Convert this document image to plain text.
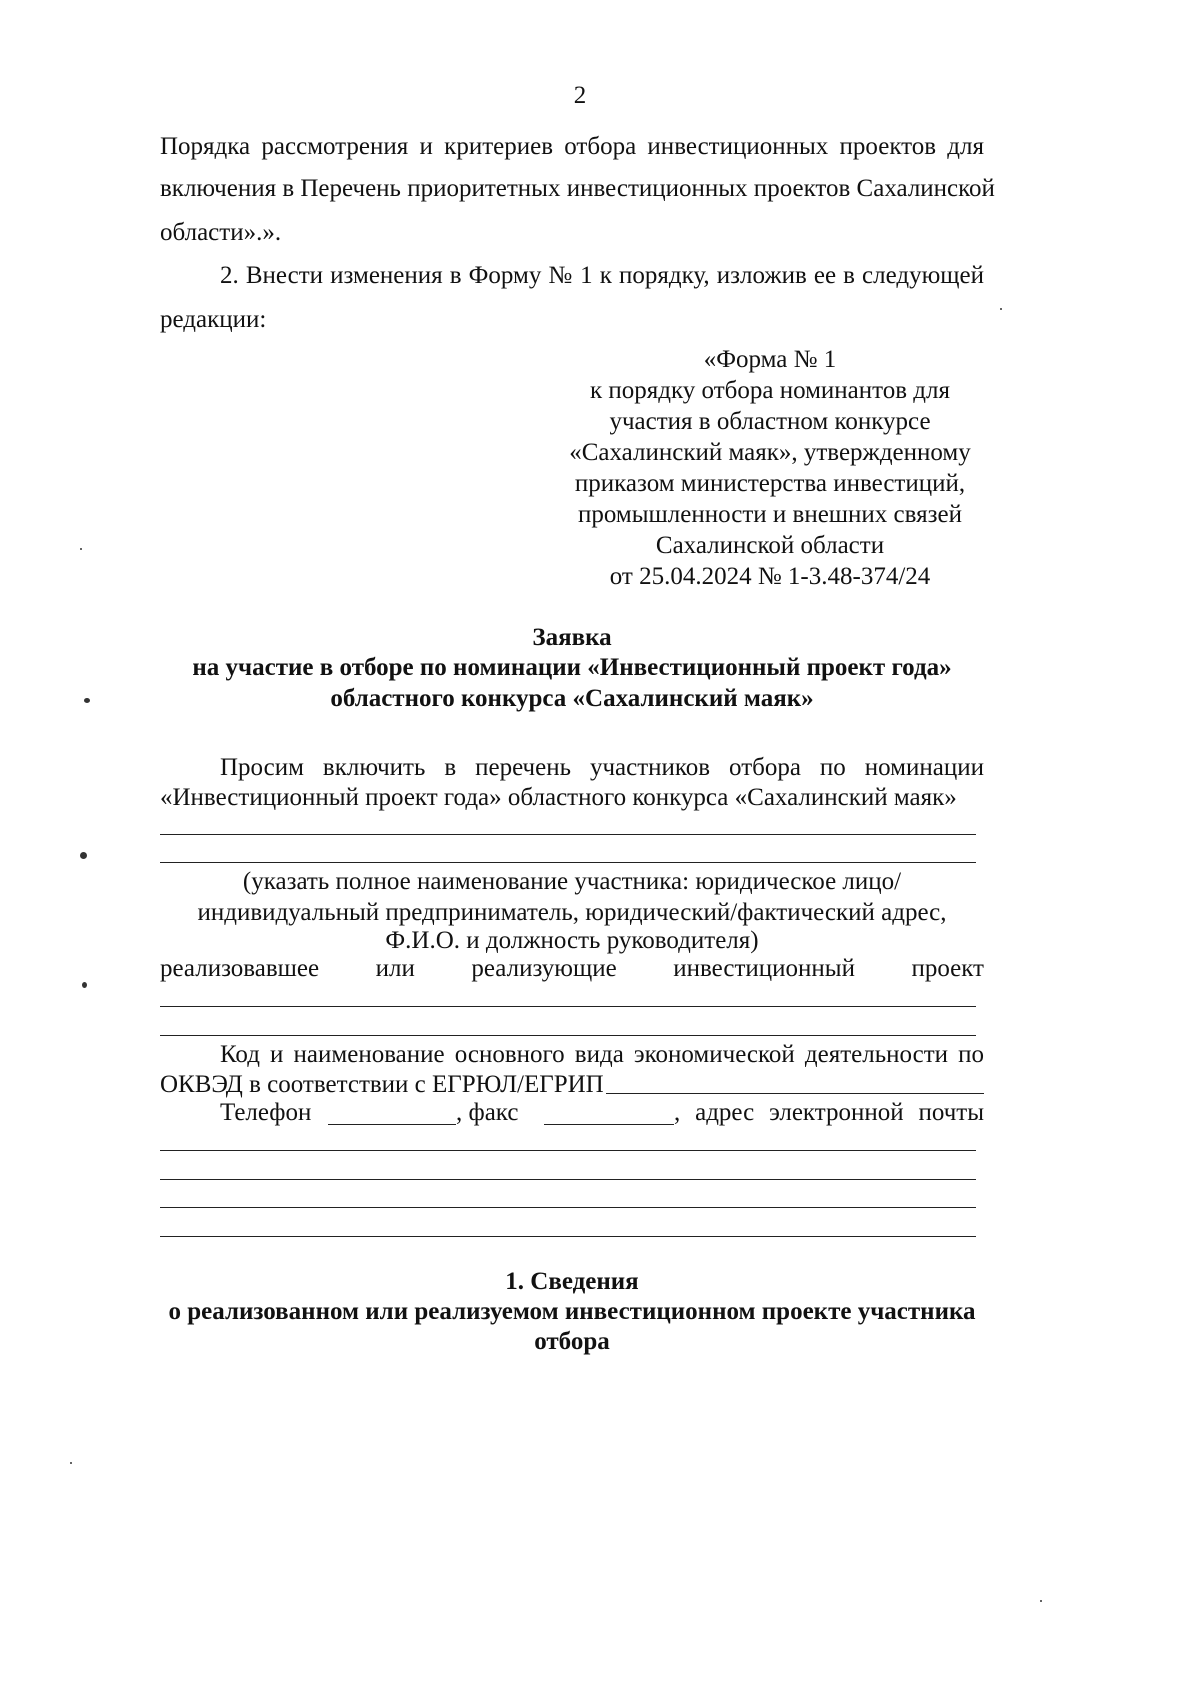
2
Порядка рассмотрения и критериев отбора инвестиционных проектов для
включения в Перечень приоритетных инвестиционных проектов Сахалинской
области».».
2. Внести изменения в Форму № 1 к порядку, изложив ее в следующей
редакции:
«Форма № 1
к порядку отбора номинантов для
участия в областном конкурсе
«Сахалинский маяк», утвержденному
приказом министерства инвестиций,
промышленности и внешних связей
Сахалинской области
от 25.04.2024 № 1-3.48-374/24
Заявка
на участие в отборе по номинации «Инвестиционный проект года»
областного конкурса «Сахалинский маяк»
Просим включить в перечень участников отбора по номинации
«Инвестиционный проект года» областного конкурса «Сахалинский маяк»
(указать полное наименование участника: юридическое лицо/
индивидуальный предприниматель, юридический/фактический адрес,
Ф.И.О. и должность руководителя)
реализовавшее или реализующие инвестиционный проект
Код и наименование основного вида экономической деятельности по
ОКВЭД в соответствии с ЕГРЮЛ/ЕГРИП
Телефон	, факс	, адрес электронной почты
1. Сведения
о реализованном или реализуемом инвестиционном проекте участника
отбора
